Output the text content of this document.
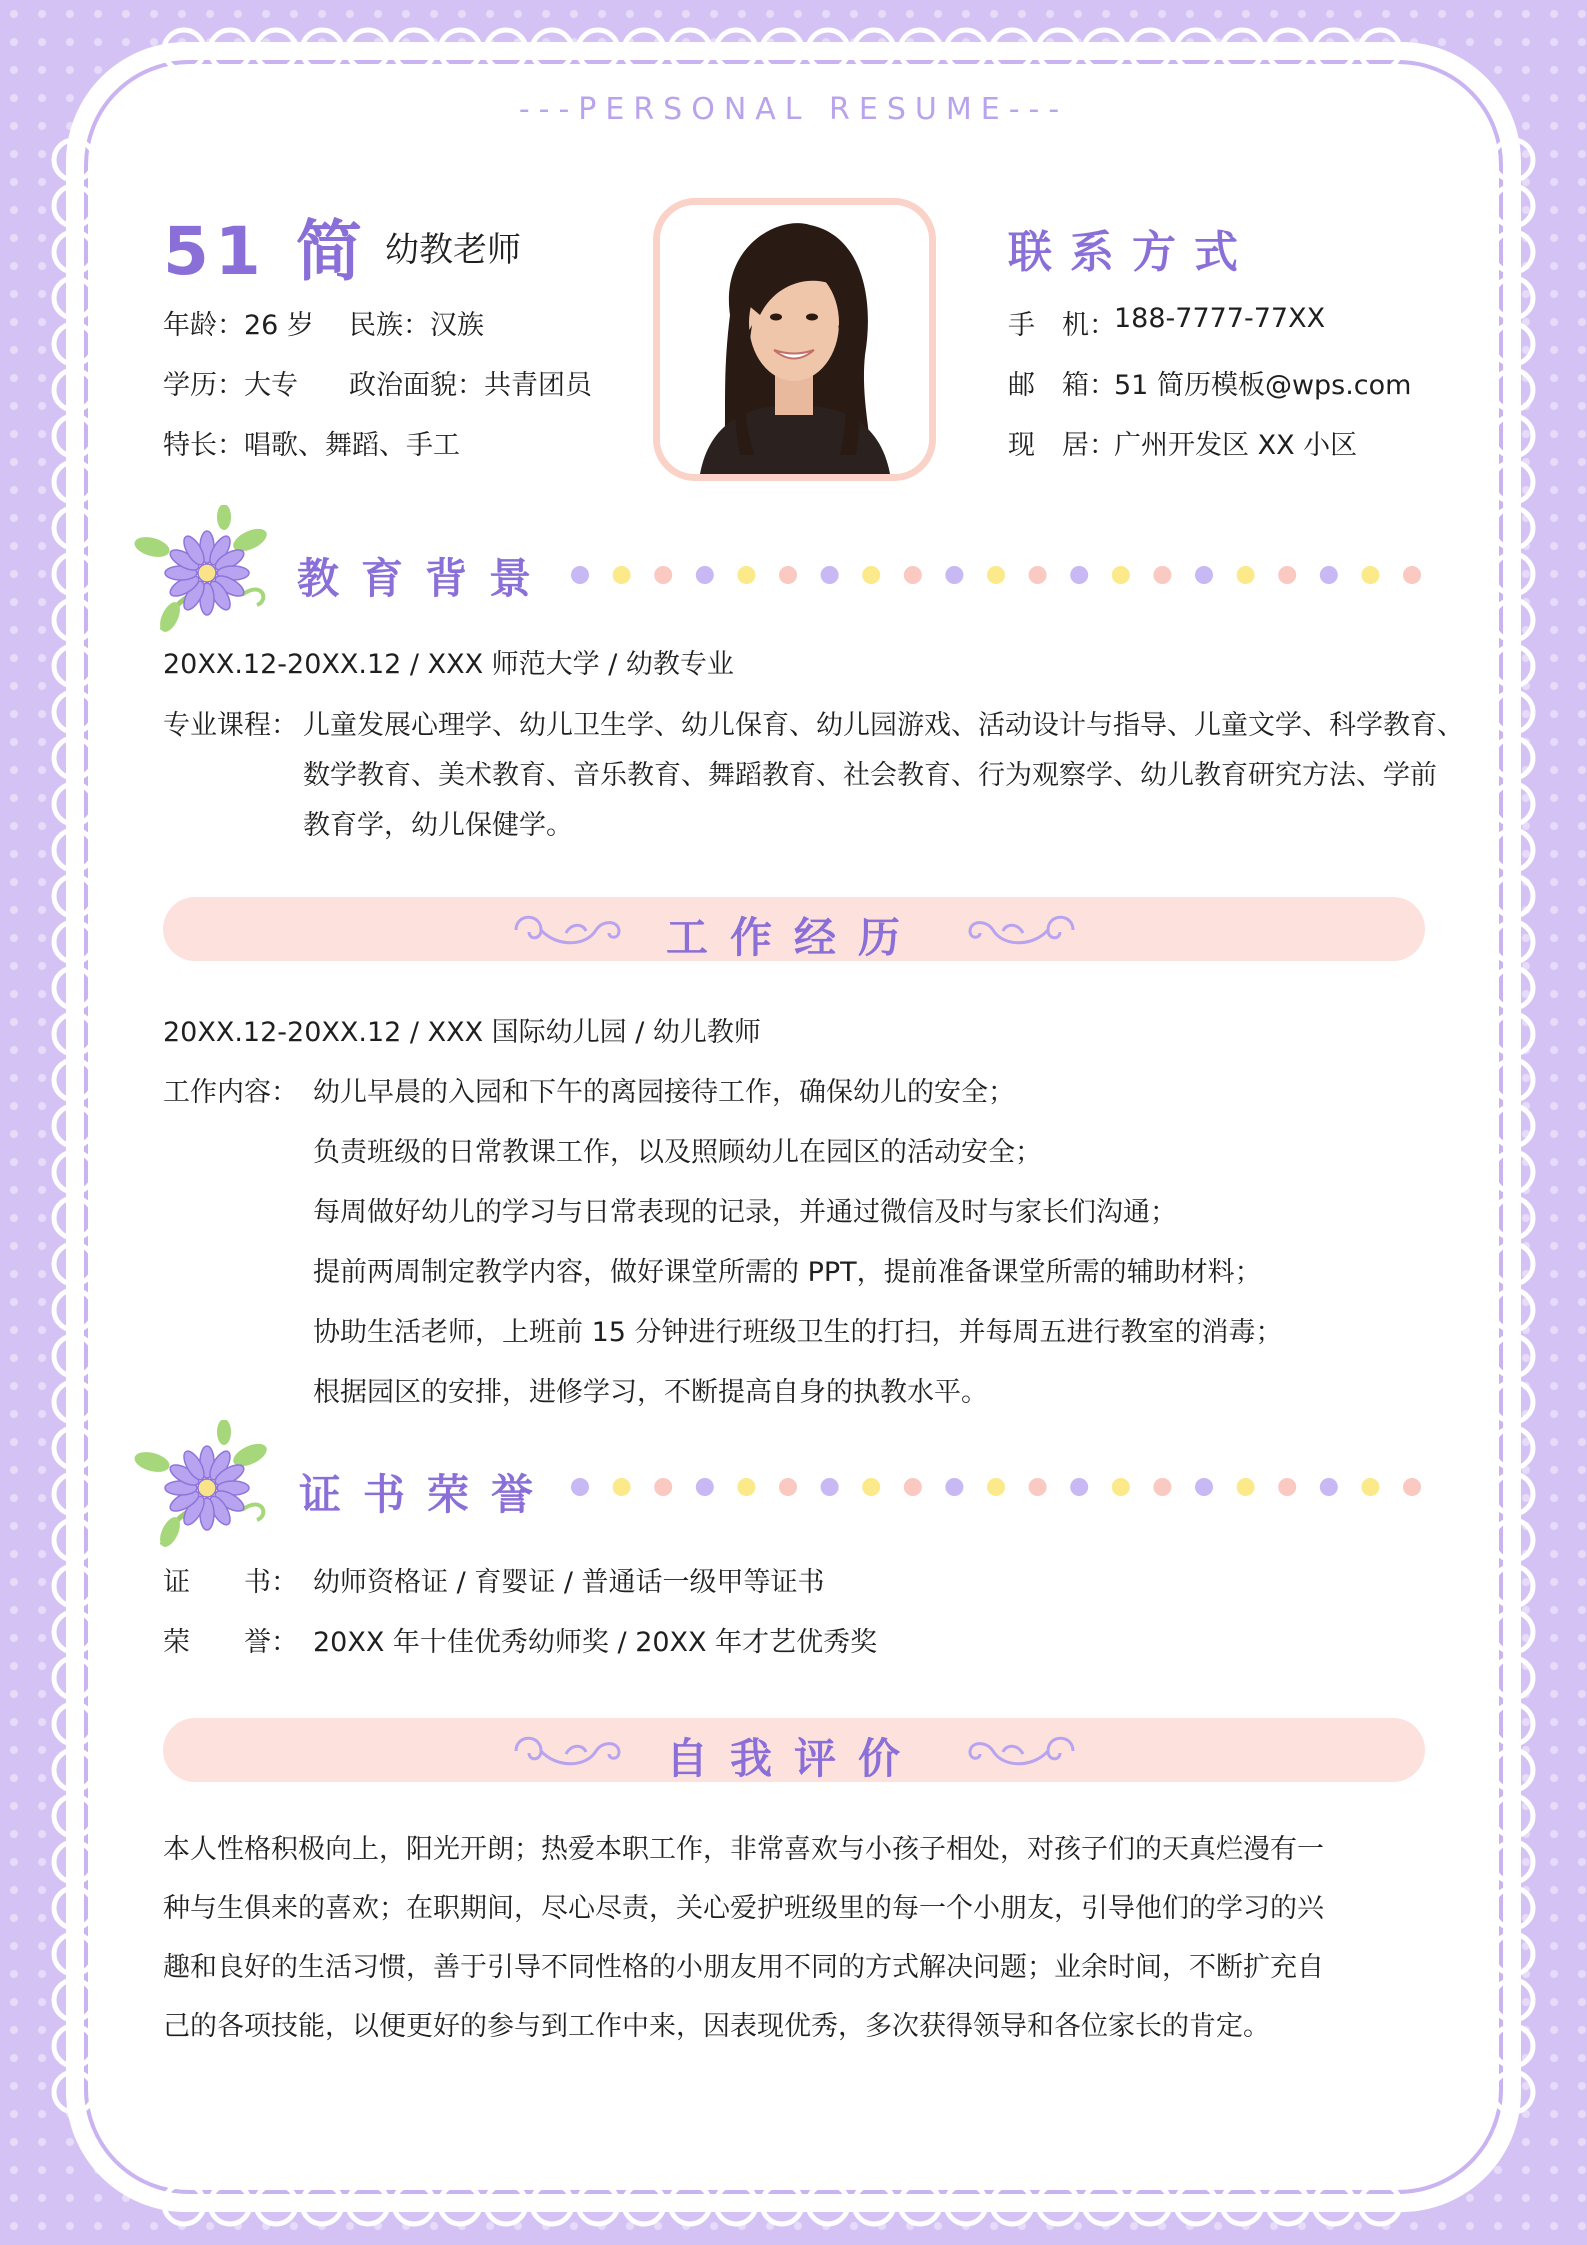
---PERSONAL RESUME---
51 简 幼教老师
年龄：26 岁 民族：汉族
学历：大专 政治面貌：共青团员
特长：唱歌、舞蹈、手工
联系方式
手　机：
188-7777-77XX
邮　箱：
51 简历模板@wps.com
现　居：
广州开发区 XX 小区
教育背景
20XX.12-20XX.12 / XXX 师范大学 / 幼教专业
专业课程： 儿童发展心理学、幼儿卫生学、幼儿保育、幼儿园游戏、活动设计与指导、儿童文学、科学教育、
数学教育、美术教育、音乐教育、舞蹈教育、社会教育、行为观察学、幼儿教育研究方法、学前
教育学，幼儿保健学。
工作经历
20XX.12-20XX.12 / XXX 国际幼儿园 / 幼儿教师
工作内容： 幼儿早晨的入园和下午的离园接待工作，确保幼儿的安全；
负责班级的日常教课工作，以及照顾幼儿在园区的活动安全；
每周做好幼儿的学习与日常表现的记录，并通过微信及时与家长们沟通；
提前两周制定教学内容，做好课堂所需的 PPT，提前准备课堂所需的辅助材料；
协助生活老师，上班前 15 分钟进行班级卫生的打扫，并每周五进行教室的消毒；
根据园区的安排，进修学习，不断提高自身的执教水平。
证书荣誉
证　　书： 幼师资格证 / 育婴证 / 普通话一级甲等证书
荣　　誉： 20XX 年十佳优秀幼师奖 / 20XX 年才艺优秀奖
自我评价
本人性格积极向上，阳光开朗；热爱本职工作，非常喜欢与小孩子相处，对孩子们的天真烂漫有一
种与生俱来的喜欢；在职期间，尽心尽责，关心爱护班级里的每一个小朋友，引导他们的学习的兴
趣和良好的生活习惯，善于引导不同性格的小朋友用不同的方式解决问题；业余时间，不断扩充自
己的各项技能，以便更好的参与到工作中来，因表现优秀，多次获得领导和各位家长的肯定。
